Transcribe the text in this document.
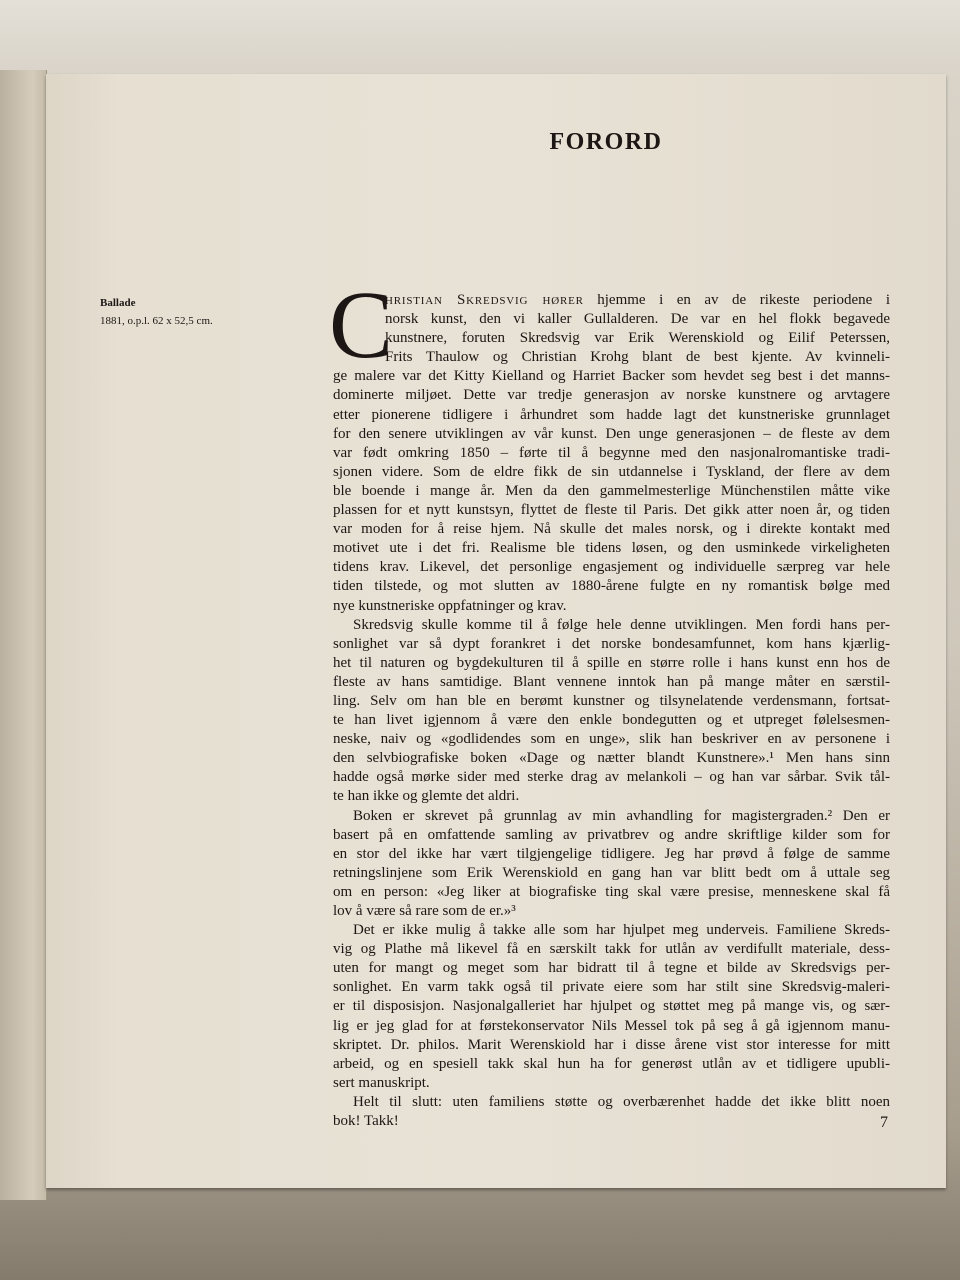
FORORD
Ballade
1881, o.p.l. 62 x 52,5 cm. C
hristian Skredsvig hører hjemme i en av de rikeste periodene i
norsk kunst, den vi kaller Gullalderen. De var en hel flokk begavede
kunstnere, foruten Skredsvig var Erik Werenskiold og Eilif Peterssen,
Frits Thaulow og Christian Krohg blant de best kjente. Av kvinneli-
ge malere var det Kitty Kielland og Harriet Backer som hevdet seg best i det manns-
dominerte miljøet. Dette var tredje generasjon av norske kunstnere og arvtagere
etter pionerene tidligere i århundret som hadde lagt det kunstneriske grunnlaget
for den senere utviklingen av vår kunst. Den unge generasjonen – de fleste av dem
var født omkring 1850 – førte til å begynne med den nasjonalromantiske tradi-
sjonen videre. Som de eldre fikk de sin utdannelse i Tyskland, der flere av dem
ble boende i mange år. Men da den gammelmesterlige Münchenstilen måtte vike
plassen for et nytt kunstsyn, flyttet de fleste til Paris. Det gikk atter noen år, og tiden
var moden for å reise hjem. Nå skulle det males norsk, og i direkte kontakt med
motivet ute i det fri. Realisme ble tidens løsen, og den usminkede virkeligheten
tidens krav. Likevel, det personlige engasjement og individuelle særpreg var hele
tiden tilstede, og mot slutten av 1880-årene fulgte en ny romantisk bølge med
nye kunstneriske oppfatninger og krav.
Skredsvig skulle komme til å følge hele denne utviklingen. Men fordi hans per-
sonlighet var så dypt forankret i det norske bondesamfunnet, kom hans kjærlig-
het til naturen og bygdekulturen til å spille en større rolle i hans kunst enn hos de
fleste av hans samtidige. Blant vennene inntok han på mange måter en særstil-
ling. Selv om han ble en berømt kunstner og tilsynelatende verdensmann, fortsat-
te han livet igjennom å være den enkle bondegutten og et utpreget følelsesmen-
neske, naiv og «godlidendes som en unge», slik han beskriver en av personene i
den selvbiografiske boken «Dage og nætter blandt Kunstnere».¹ Men hans sinn
hadde også mørke sider med sterke drag av melankoli – og han var sårbar. Svik tål-
te han ikke og glemte det aldri.
Boken er skrevet på grunnlag av min avhandling for magistergraden.² Den er
basert på en omfattende samling av privatbrev og andre skriftlige kilder som for
en stor del ikke har vært tilgjengelige tidligere. Jeg har prøvd å følge de samme
retningslinjene som Erik Werenskiold en gang han var blitt bedt om å uttale seg
om en person: «Jeg liker at biografiske ting skal være presise, menneskene skal få
lov å være så rare som de er.»³
Det er ikke mulig å takke alle som har hjulpet meg underveis. Familiene Skreds-
vig og Plathe må likevel få en særskilt takk for utlån av verdifullt materiale, dess-
uten for mangt og meget som har bidratt til å tegne et bilde av Skredsvigs per-
sonlighet. En varm takk også til private eiere som har stilt sine Skredsvig-maleri-
er til disposisjon. Nasjonalgalleriet har hjulpet og støttet meg på mange vis, og sær-
lig er jeg glad for at førstekonservator Nils Messel tok på seg å gå igjennom manu-
skriptet. Dr. philos. Marit Werenskiold har i disse årene vist stor interesse for mitt
arbeid, og en spesiell takk skal hun ha for generøst utlån av et tidligere upubli-
sert manuskript.
Helt til slutt: uten familiens støtte og overbærenhet hadde det ikke blitt noen
bok! Takk!	7
